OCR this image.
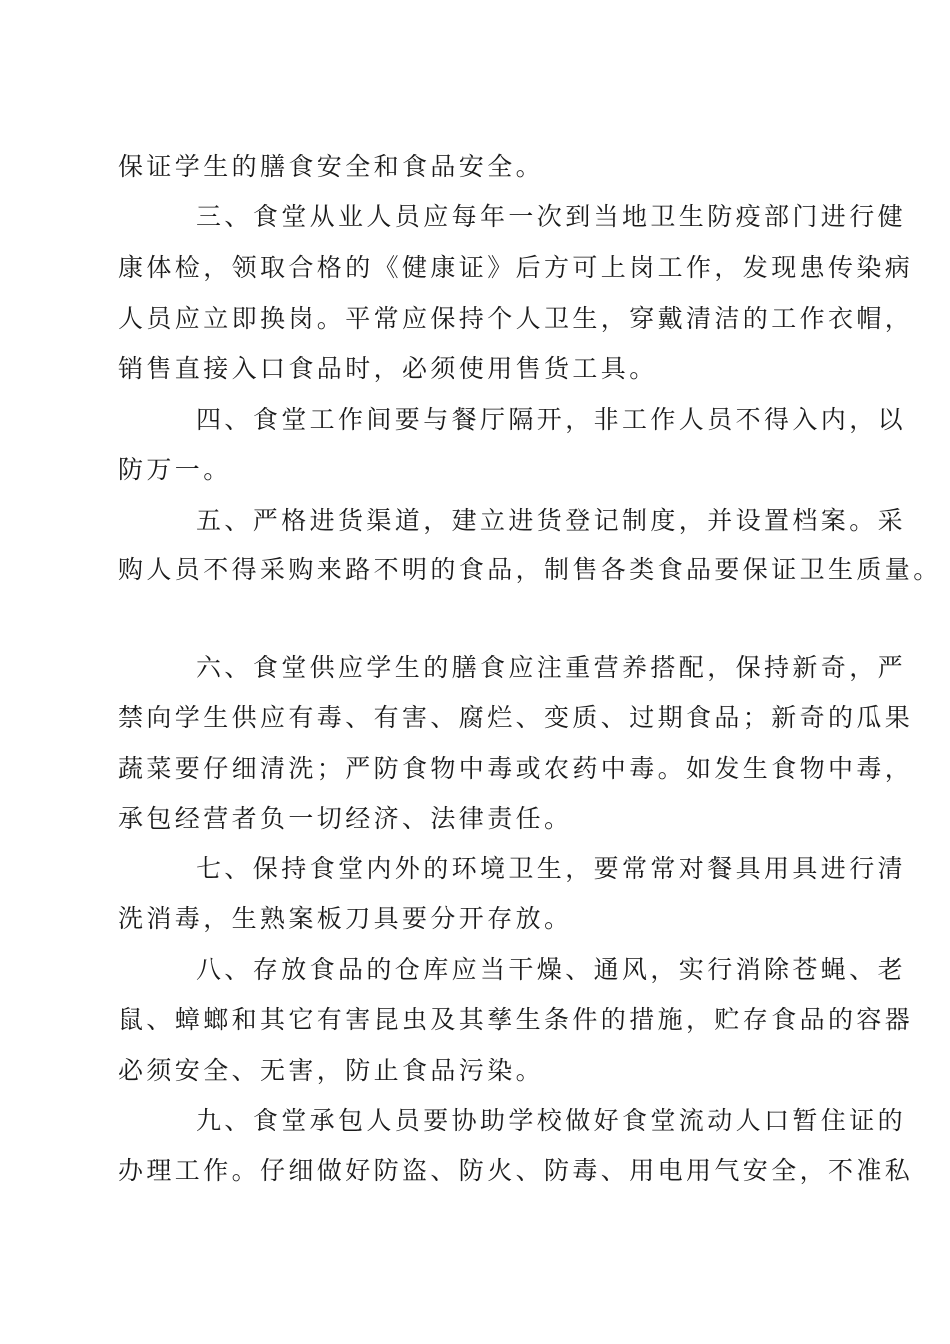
保证学生的膳食安全和食品安全。
三、食堂从业人员应每年一次到当地卫生防疫部门进行健
康体检，领取合格的《健康证》后方可上岗工作，发现患传染病
人员应立即换岗。平常应保持个人卫生，穿戴清洁的工作衣帽，
销售直接入口食品时，必须使用售货工具。
四、食堂工作间要与餐厅隔开，非工作人员不得入内，以
防万一。
五、严格进货渠道，建立进货登记制度，并设置档案。采
购人员不得采购来路不明的食品，制售各类食品要保证卫生质量。
六、食堂供应学生的膳食应注重营养搭配，保持新奇，严
禁向学生供应有毒、有害、腐烂、变质、过期食品；新奇的瓜果
蔬菜要仔细清洗；严防食物中毒或农药中毒。如发生食物中毒，
承包经营者负一切经济、法律责任。
七、保持食堂内外的环境卫生，要常常对餐具用具进行清
洗消毒，生熟案板刀具要分开存放。
八、存放食品的仓库应当干燥、通风，实行消除苍蝇、老
鼠、蟑螂和其它有害昆虫及其孳生条件的措施，贮存食品的容器
必须安全、无害，防止食品污染。
九、食堂承包人员要协助学校做好食堂流动人口暂住证的
办理工作。仔细做好防盗、防火、防毒、用电用气安全，不准私
